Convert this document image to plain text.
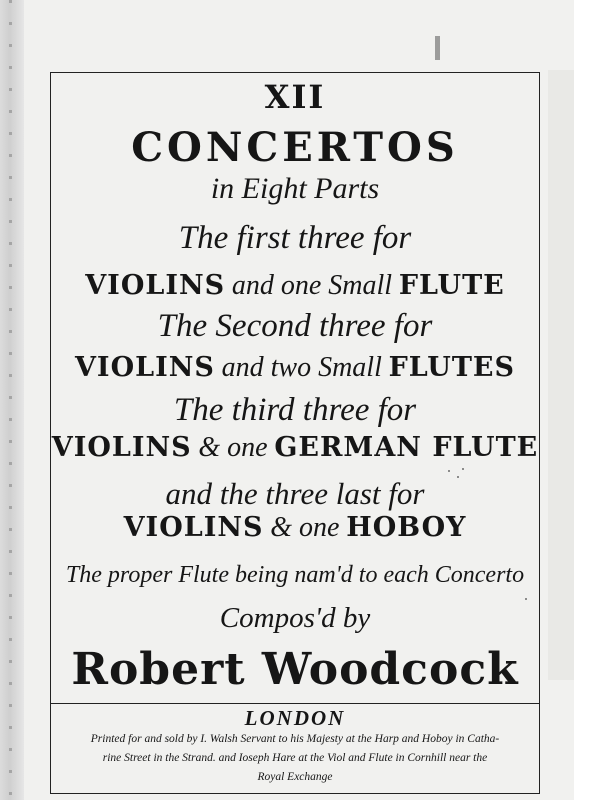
XII
CONCERTOS
in Eight Parts
The first three for
VIOLINS and one Small FLUTE
The Second three for
VIOLINS and two Small FLUTES
The third three for
VIOLINS & one GERMAN FLUTE
and the three last for
VIOLINS & one HOBOY
The proper Flute being nam'd to each Concerto
Compos'd by
Robert Woodcock
LONDON
Printed for and sold by I. Walsh Servant to his Majesty at the Harp and Hoboy in Catha-
rine Street in the Strand. and Ioseph Hare at the Viol and Flute in Cornhill near the
Royal Exchange
